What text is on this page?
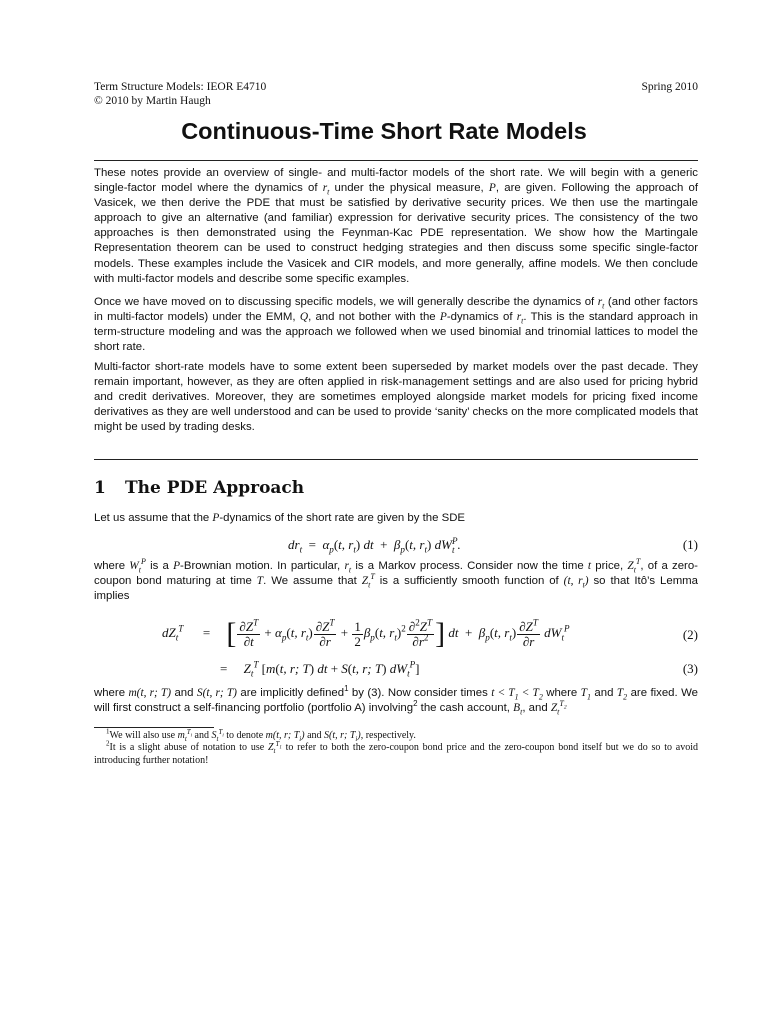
Term Structure Models: IEOR E4710
© 2010 by Martin Haugh
Spring 2010
Continuous-Time Short Rate Models

These notes provide an overview of single- and multi-factor models of the short rate. We will begin with a generic single-factor model where the dynamics of $r_t$ under the physical measure, P, are given. Following the approach of Vasicek, we then derive the PDE that must be satisfied by derivative security prices. We then use the martingale approach to give an alternative (and familiar) expression for derivative security prices. The consistency of the two approaches is then demonstrated using the Feynman-Kac PDE representation. We show how the Martingale Representation theorem can be used to construct hedging strategies and then discuss some specific single-factor models. These examples include the Vasicek and CIR models, and more generally, affine models. We then conclude with multi-factor models and describe some specific examples.

Once we have moved on to discussing specific models, we will generally describe the dynamics of $r_t$ (and other factors in multi-factor models) under the EMM, Q, and not bother with the P-dynamics of $r_t$. This is the standard approach in term-structure modeling and was the approach we followed when we used binomial and trinomial lattices to model the short rate.

Multi-factor short-rate models have to some extent been superseded by market models over the past decade. They remain important, however, as they are often applied in risk-management settings and are also used for pricing hybrid and credit derivatives. Moreover, they are sometimes employed alongside market models for pricing fixed income derivatives as they are well understood and can be used to provide ‘sanity’ checks on the more complicated models that might be used by trading desks.

1 The PDE Approach

Let us assume that the P-dynamics of the short rate are given by the SDE

$dr_t = \alpha_p(t$, $r_t$) dt  +  $\beta_p(t$, $r_t$) dW P
t .	(1)

where $W_t^P$ is a P-Brownian motion. In particular, $r_t$ is a Markov process. Consider now the time t price, $Z_t^T$, of a zero-coupon bond maturing at time T. We assume that $Z_t^T$ is a sufficiently smooth function of (t, $r_t$) so that Itô’s Lemma implies

$dZ_t^T$ = [ $\frac{\partial Z^T}{\partial t} + \alpha_p(t$, $r_t) \frac{\partial Z^T}{\partial r} + \frac{1}{2} \beta_p(t$, $r_t)^2 \frac{\partial^2Z^T}{\partial r^2}$ ] dt  +  $\beta_p(t$, $r_t) \frac{\partial Z^T}{\partial r} dW_t^P$	(2)
=     $Z_t^T$ [m(t, r; T) dt + S(t, r; T) $dW_t^P$]	(3)

where m(t, r; T) and S(t, r; T) are implicitly defined$^1$ by (3). Now consider times $t < T_1 < T_2$ where $T_1$ and $T_2$ are fixed. We will first construct a self-financing portfolio (portfolio A) involving$^2$ the cash account, $B_t$, and $Z_t^{T_2}$

$^1$We will also use $m_t^{T_i}$ and $S_t^{T_i}$ to denote m(t, r; $T_i$) and S(t, r; $T_i$), respectively.

$^2$It is a slight abuse of notation to use $Z_t^{T_1}$ to refer to both the zero-coupon bond price and the zero-coupon bond itself but we do so to avoid introducing further notation!
